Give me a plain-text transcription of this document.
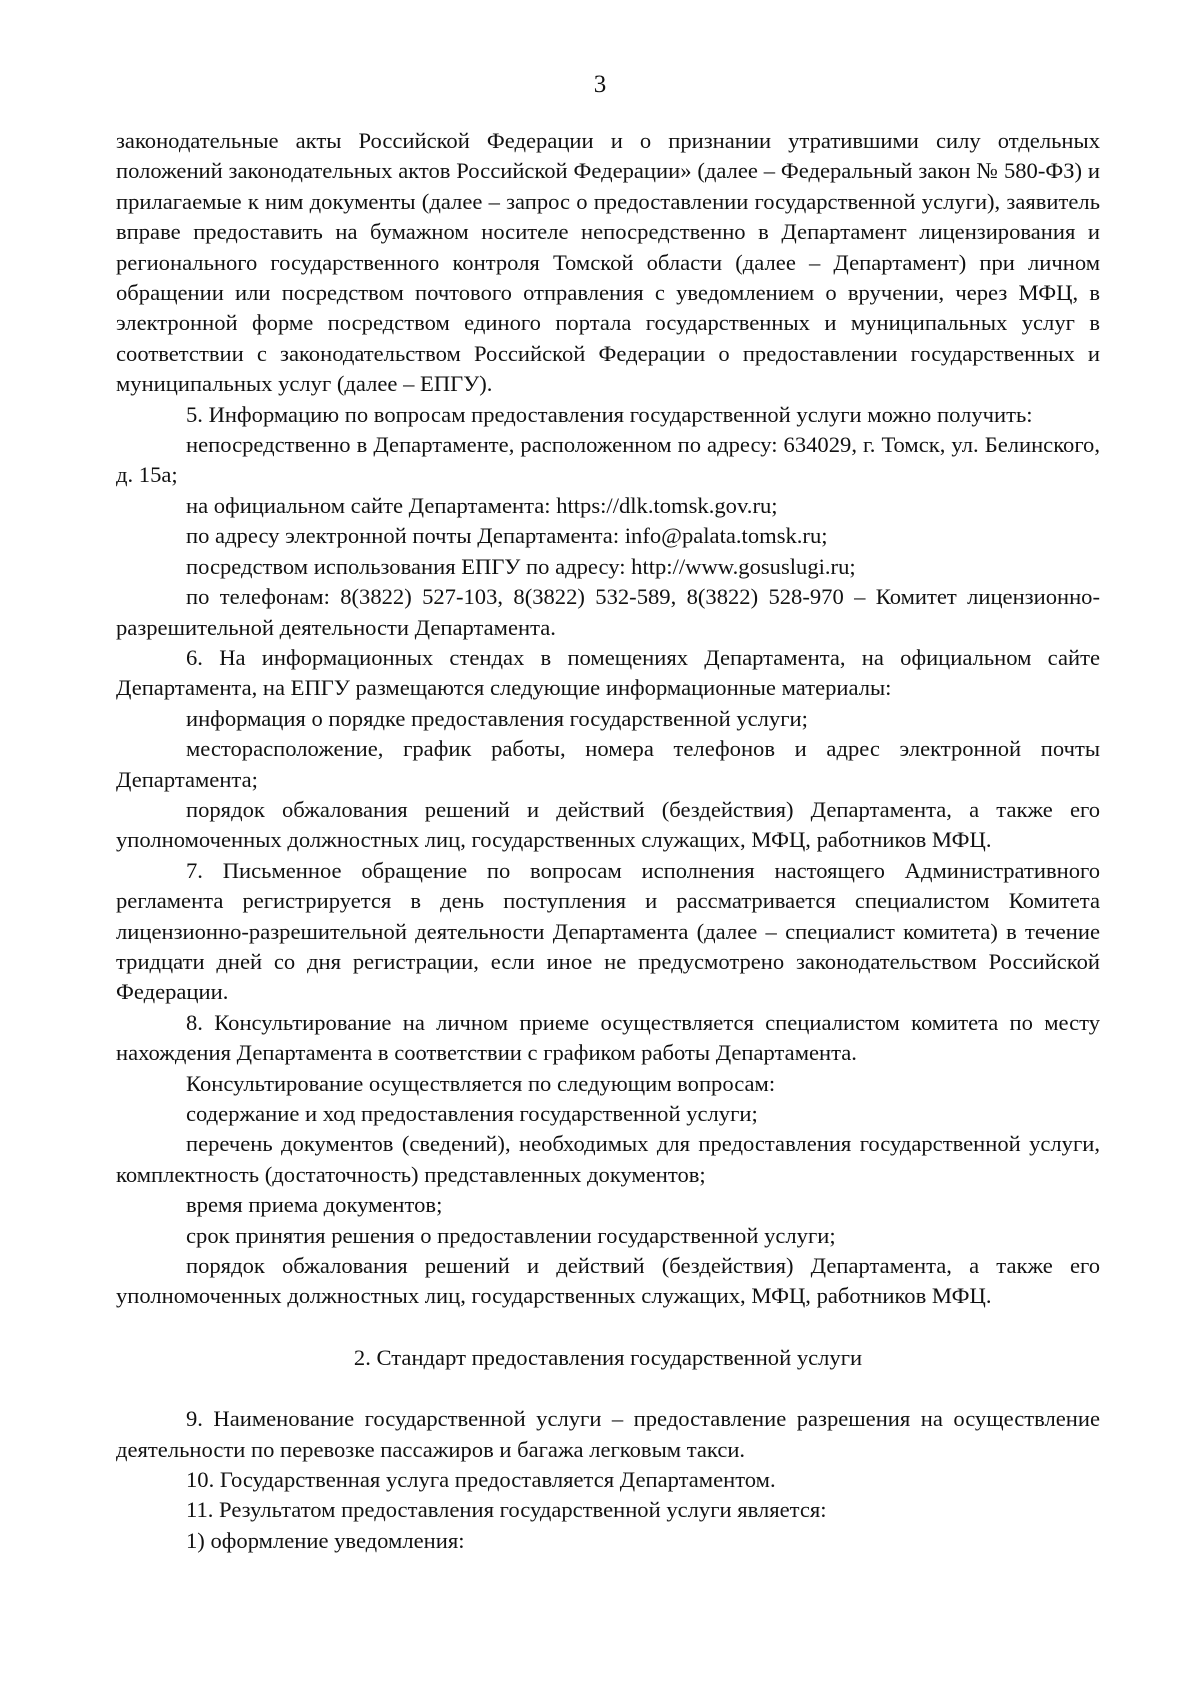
3

законодательные акты Российской Федерации и о признании утратившими силу отдельных положений законодательных актов Российской Федерации» (далее – Федеральный закон № 580-ФЗ) и прилагаемые к ним документы (далее – запрос о предоставлении государственной услуги), заявитель вправе предоставить на бумажном носителе непосредственно в Департамент лицензирования и регионального государственного контроля Томской области (далее – Департамент) при личном обращении или посредством почтового отправления с уведомлением о вручении, через МФЦ, в электронной форме посредством единого портала государственных и муниципальных услуг в соответствии с законодательством Российской Федерации о предоставлении государственных и муниципальных услуг (далее – ЕПГУ).

5. Информацию по вопросам предоставления государственной услуги можно получить:

непосредственно в Департаменте, расположенном по адресу: 634029, г. Томск, ул. Белинского, д. 15а;

на официальном сайте Департамента: https://dlk.tomsk.gov.ru;

по адресу электронной почты Департамента: info@palata.tomsk.ru;

посредством использования ЕПГУ по адресу: http://www.gosuslugi.ru;

по телефонам: 8(3822) 527-103, 8(3822) 532-589, 8(3822) 528-970 – Комитет лицензионно-разрешительной деятельности Департамента.

6. На информационных стендах в помещениях Департамента, на официальном сайте Департамента, на ЕПГУ размещаются следующие информационные материалы:

информация о порядке предоставления государственной услуги;

месторасположение, график работы, номера телефонов и адрес электронной почты Департамента;

порядок обжалования решений и действий (бездействия) Департамента, а также его уполномоченных должностных лиц, государственных служащих, МФЦ, работников МФЦ.

7. Письменное обращение по вопросам исполнения настоящего Административного регламента регистрируется в день поступления и рассматривается специалистом Комитета лицензионно-разрешительной деятельности Департамента (далее – специалист комитета) в течение тридцати дней со дня регистрации, если иное не предусмотрено законодательством Российской Федерации.

8. Консультирование на личном приеме осуществляется специалистом комитета по месту нахождения Департамента в соответствии с графиком работы Департамента.

Консультирование осуществляется по следующим вопросам:

содержание и ход предоставления государственной услуги;

перечень документов (сведений), необходимых для предоставления государственной услуги, комплектность (достаточность) представленных документов;

время приема документов;

срок принятия решения о предоставлении государственной услуги;

порядок обжалования решений и действий (бездействия) Департамента, а также его уполномоченных должностных лиц, государственных служащих, МФЦ, работников МФЦ.

2. Стандарт предоставления государственной услуги

9. Наименование государственной услуги – предоставление разрешения на осуществление деятельности по перевозке пассажиров и багажа легковым такси.

10. Государственная услуга предоставляется Департаментом.

11. Результатом предоставления государственной услуги является:

1) оформление уведомления:
